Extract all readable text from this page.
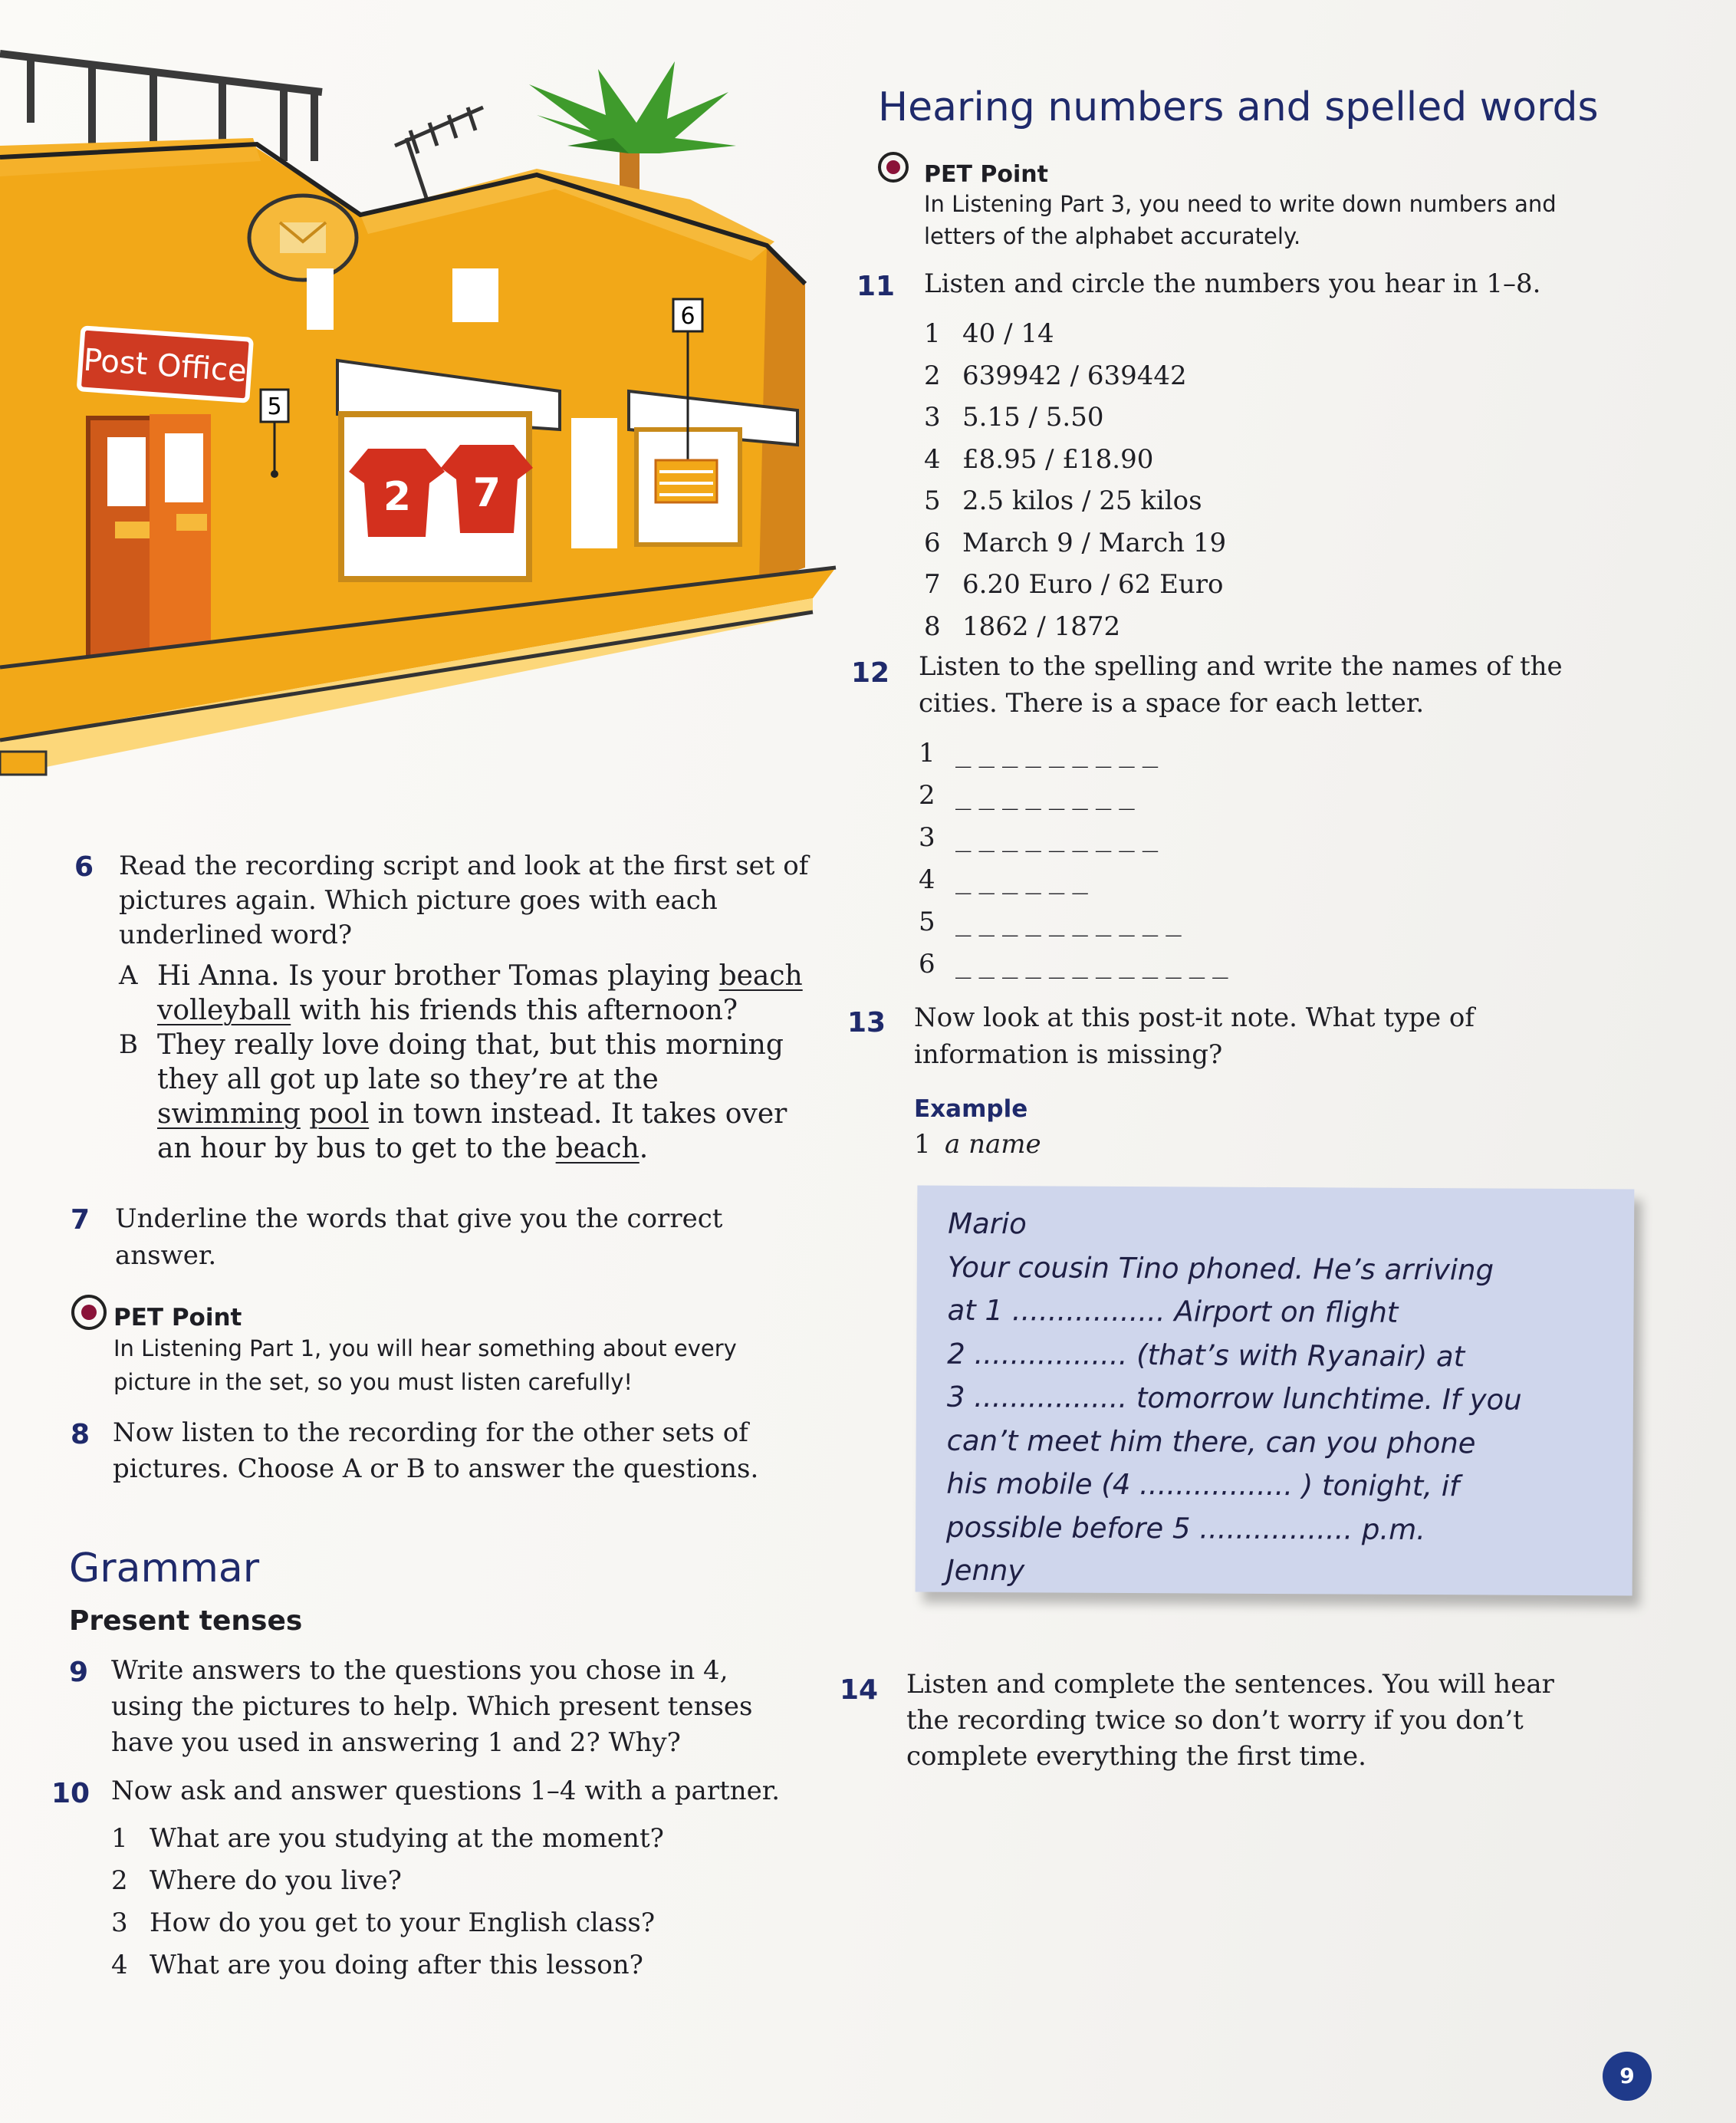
Post Office
5
2 7
6
Hearing numbers and spelled words
PET Point
In Listening Part 3, you need to write down numbers and letters of the alphabet accurately.
11 Listen and circle the numbers you hear in 1–8.
1 40 / 14
2 639942 / 639442
3 5.15 / 5.50
4 £8.95 / £18.90
5 2.5 kilos / 25 kilos
6 March 9 / March 19
7 6.20 Euro / 62 Euro
8 1862 / 1872
12 Listen to the spelling and write the names of the cities. There is a space for each letter.
1 _________
2 ________
3 _________
4 ______
5 __________
6 ____________
13 Now look at this post-it note. What type of information is missing?
Example
1 a name
Mario
Your cousin Tino phoned. He’s arriving
at 1 ................. Airport on flight
2 ................. (that’s with Ryanair) at
3 ................. tomorrow lunchtime. If you
can’t meet him there, can you phone
his mobile (4 ................. ) tonight, if
possible before 5 ................. p.m.
Jenny
14 Listen and complete the sentences. You will hear the recording twice so don’t worry if you don’t complete everything the first time.
6 Read the recording script and look at the first set of pictures again. Which picture goes with each underlined word?
A Hi Anna. Is your brother Tomas playing beach volleyball with his friends this afternoon?
B They really love doing that, but this morning they all got up late so they’re at the swimming pool in town instead. It takes over an hour by bus to get to the beach.
7 Underline the words that give you the correct answer.
PET Point
In Listening Part 1, you will hear something about every picture in the set, so you must listen carefully!
8 Now listen to the recording for the other sets of pictures. Choose A or B to answer the questions.
Grammar
Present tenses
9 Write answers to the questions you chose in 4, using the pictures to help. Which present tenses have you used in answering 1 and 2? Why?
10 Now ask and answer questions 1–4 with a partner.
1 What are you studying at the moment?
2 Where do you live?
3 How do you get to your English class?
4 What are you doing after this lesson?
9
